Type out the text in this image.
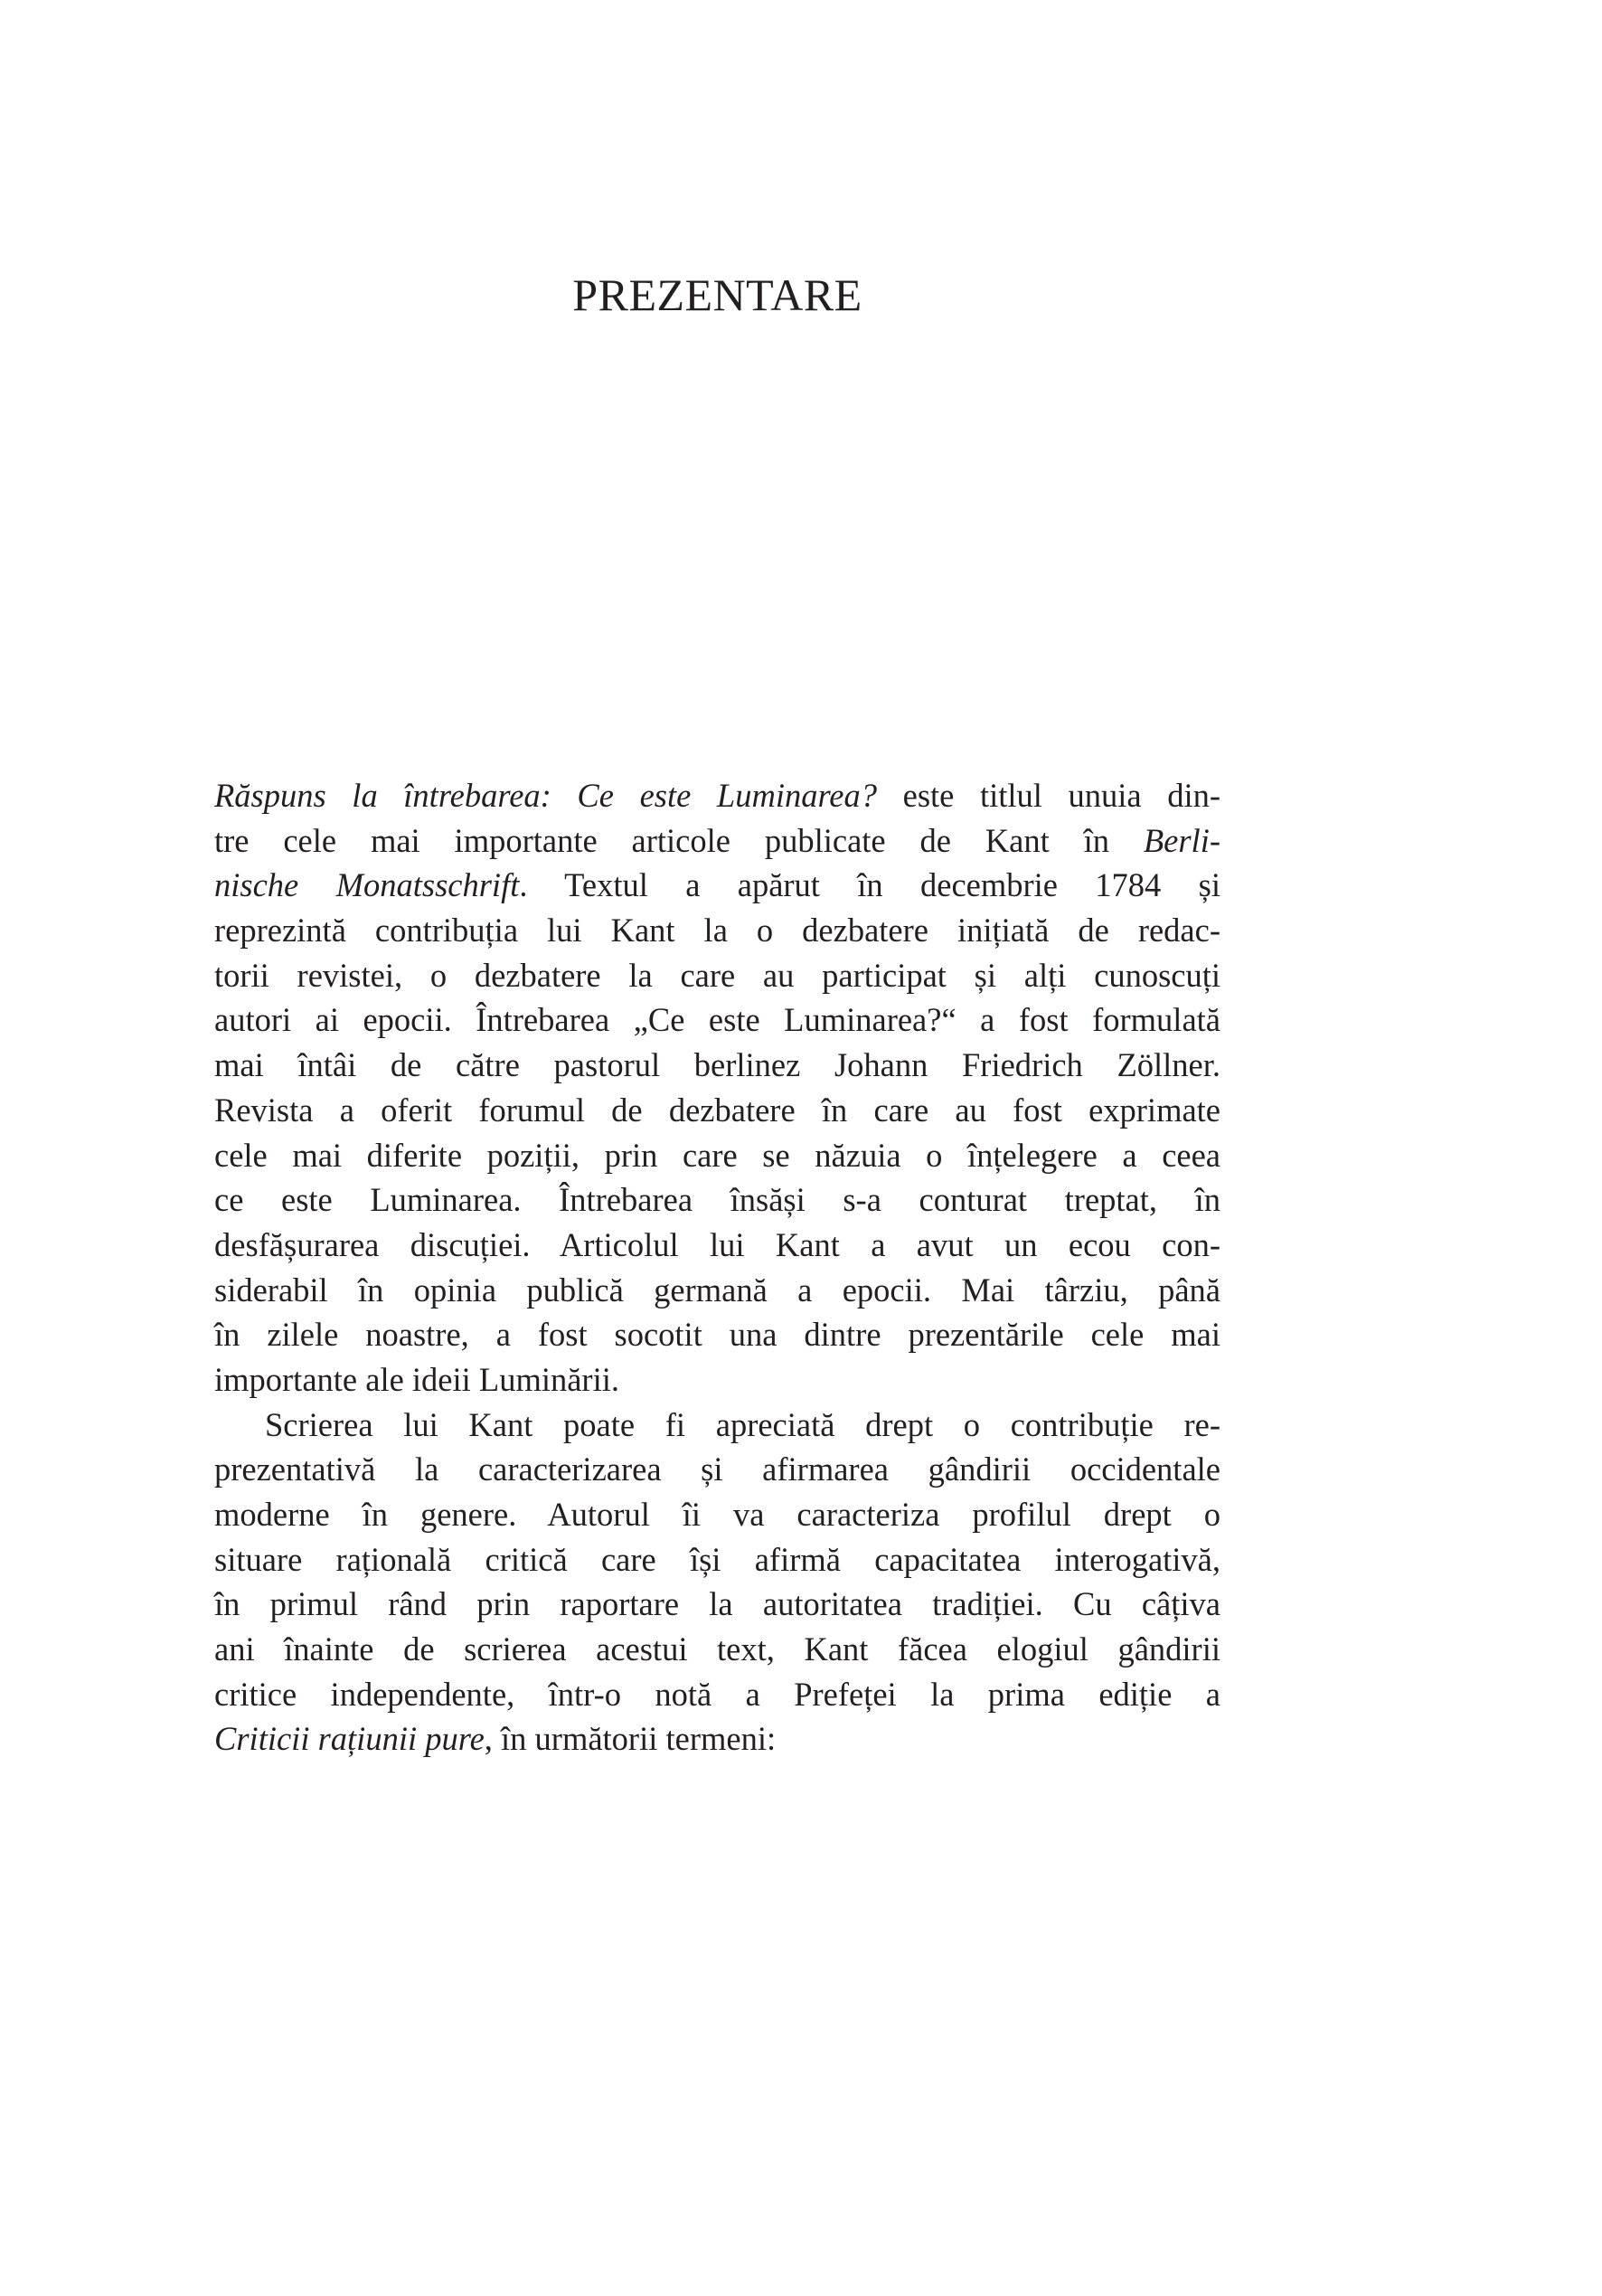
PREZENTARE
Răspuns la întrebarea: Ce este Luminarea? este titlul unuia din-
tre cele mai importante articole publicate de Kant în Berli-
nische Monatsschrift. Textul a apărut în decembrie 1784 și
reprezintă contribuția lui Kant la o dezbatere inițiată de redac-
torii revistei, o dezbatere la care au participat și alți cunoscuți
autori ai epocii. Întrebarea „Ce este Luminarea?“ a fost formulată
mai întâi de către pastorul berlinez Johann Friedrich Zöllner.
Revista a oferit forumul de dezbatere în care au fost exprimate
cele mai diferite poziții, prin care se năzuia o înțelegere a ceea
ce este Luminarea. Întrebarea însăși s-a conturat treptat, în
desfășurarea discuției. Articolul lui Kant a avut un ecou con-
siderabil în opinia publică germană a epocii. Mai târziu, până
în zilele noastre, a fost socotit una dintre prezentările cele mai
importante ale ideii Luminării.
Scrierea lui Kant poate fi apreciată drept o contribuție re-
prezentativă la caracterizarea și afirmarea gândirii occidentale
moderne în genere. Autorul îi va caracteriza profilul drept o
situare rațională critică care își afirmă capacitatea interogativă,
în primul rând prin raportare la autoritatea tradiției. Cu câțiva
ani înainte de scrierea acestui text, Kant făcea elogiul gândirii
critice independente, într-o notă a Prefeței la prima ediție a
Criticii rațiunii pure, în următorii termeni:
